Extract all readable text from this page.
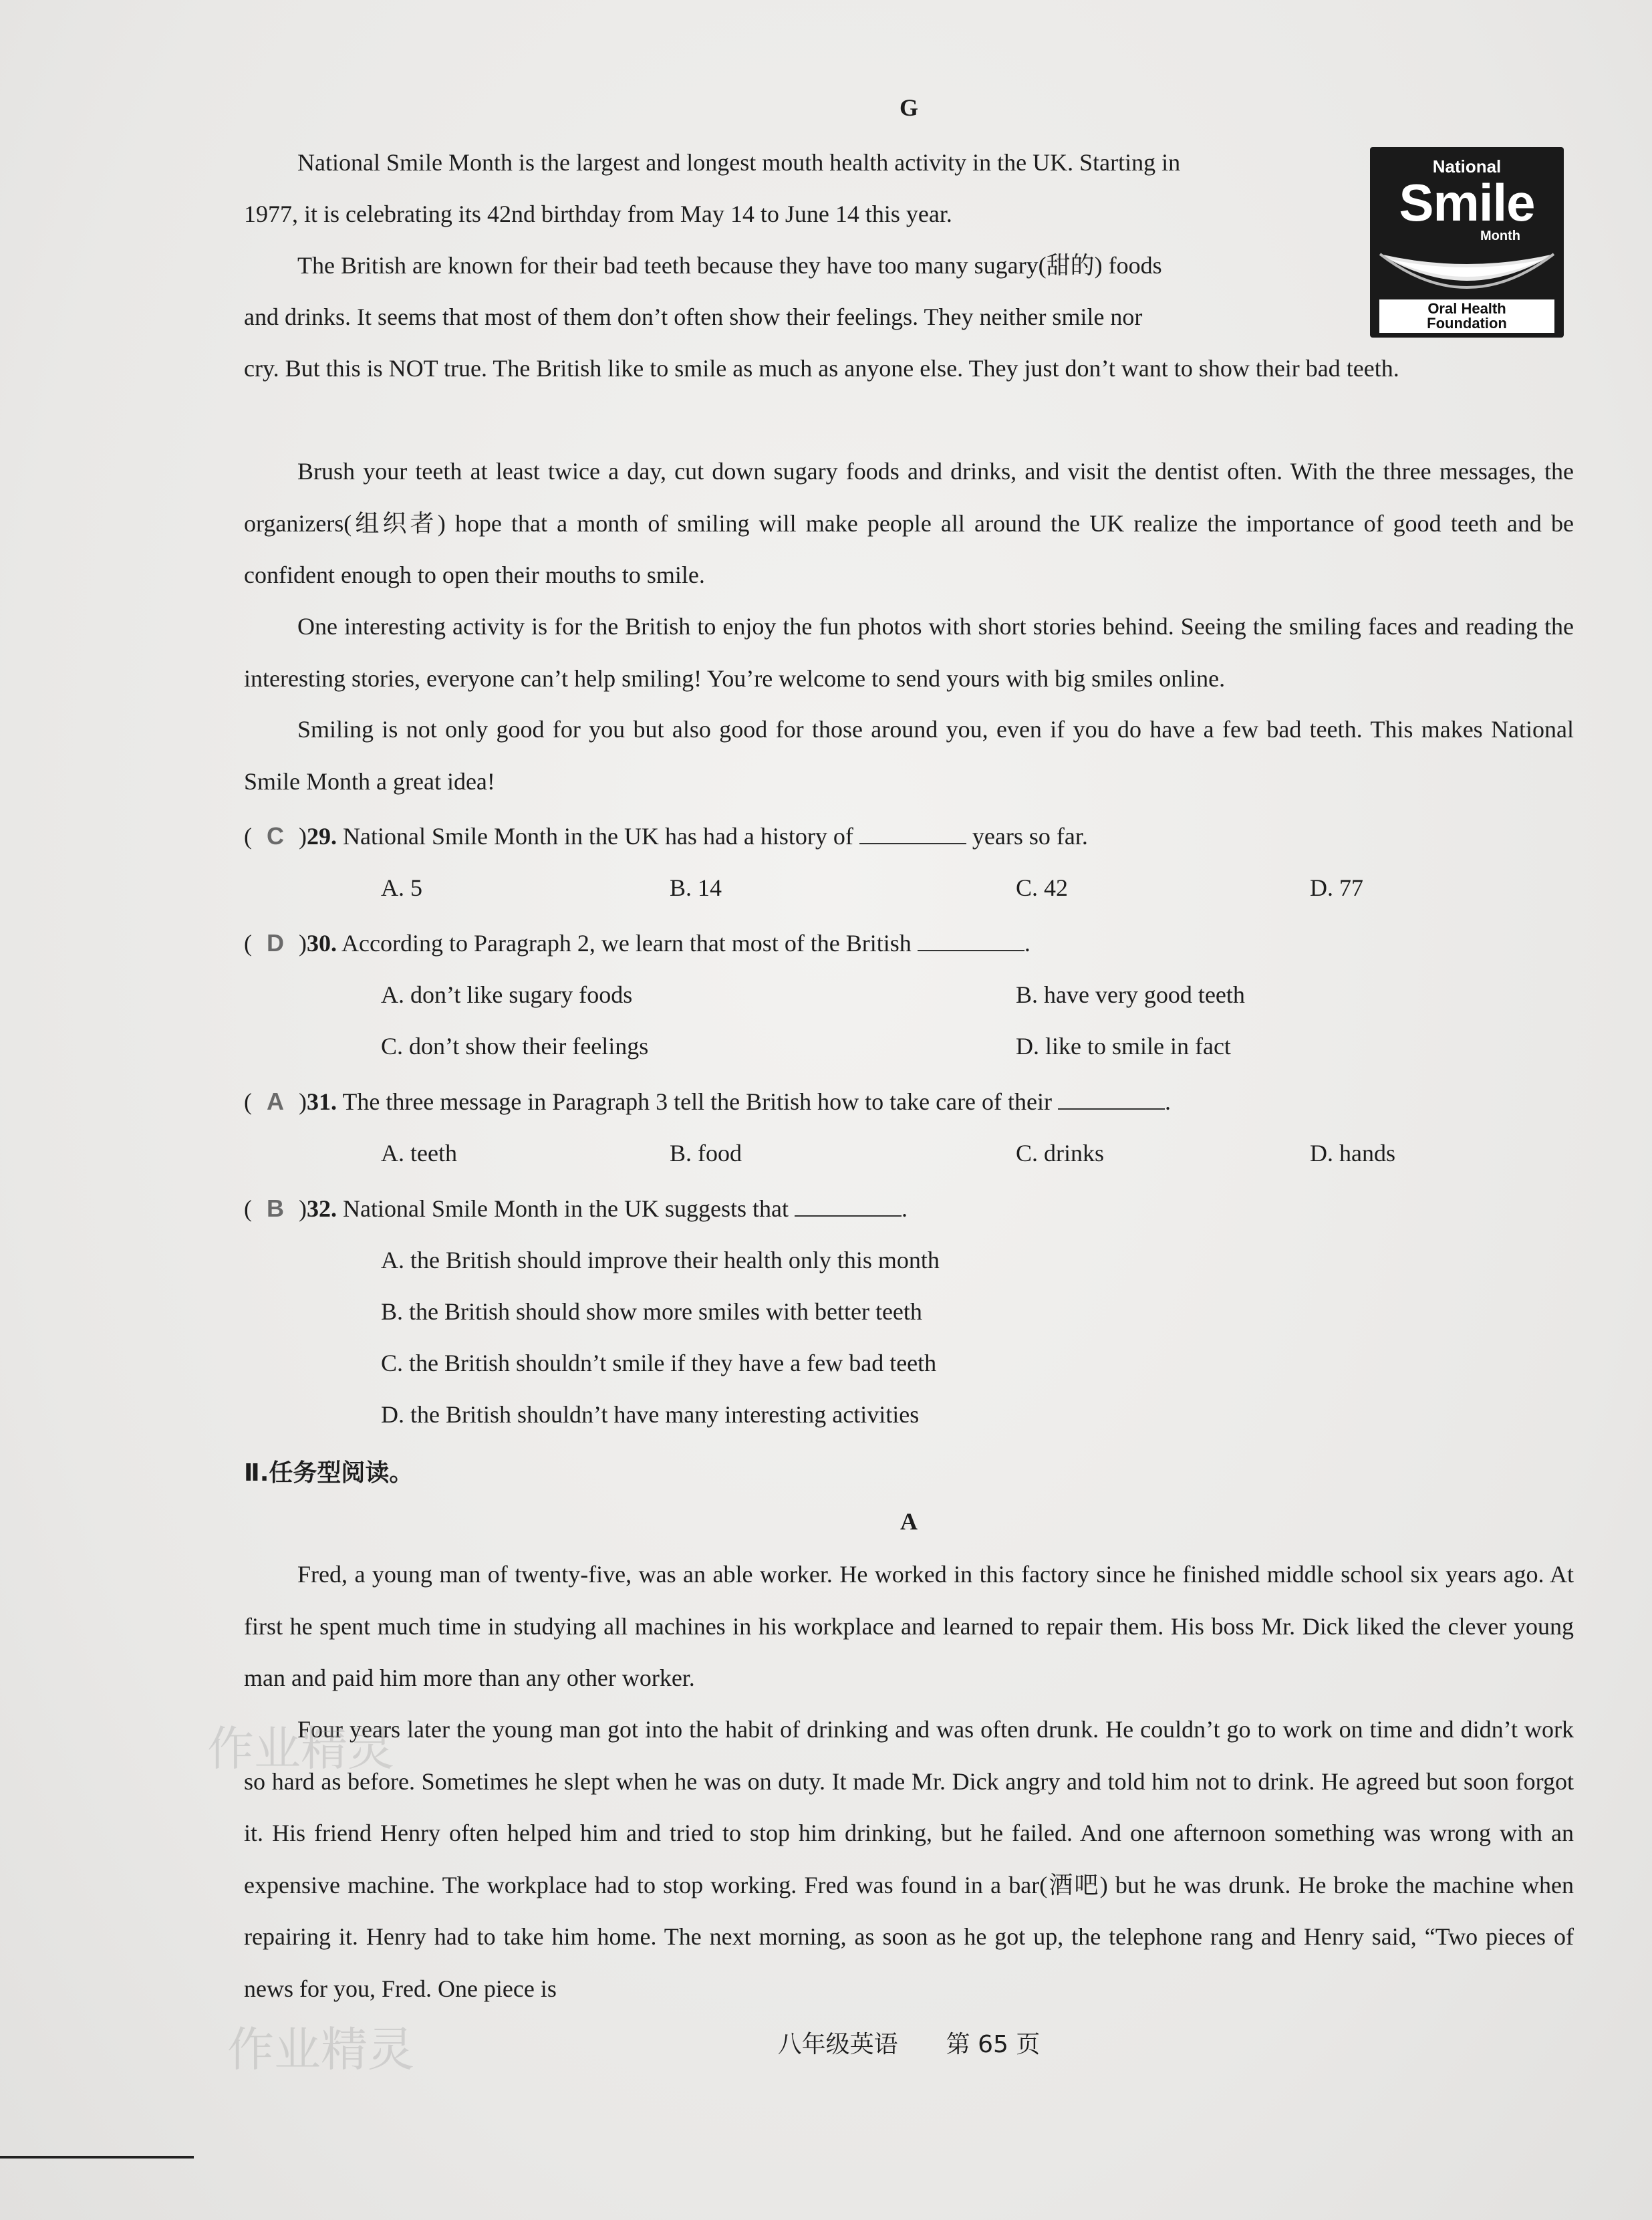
National
Smile
Month
Oral Health
Foundation
G
National Smile Month is the largest and longest mouth health activity in the UK. Starting in
1977, it is celebrating its 42nd birthday from May 14 to June 14 this year.
The British are known for their bad teeth because they have too many sugary(甜的) foods
and drinks. It seems that most of them don’t often show their feelings. They neither smile nor

cry. But this is NOT true. The British like to smile as much as anyone else. They just don’t want to show their bad teeth.

Brush your teeth at least twice a day, cut down sugary foods and drinks, and visit the dentist often. With the three messages, the organizers(组织者) hope that a month of smiling will make people all around the UK realize the importance of good teeth and be confident enough to open their mouths to smile.

One interesting activity is for the British to enjoy the fun photos with short stories behind. Seeing the smiling faces and reading the interesting stories, everyone can’t help smiling! You’re welcome to send yours with big smiles online.

Smiling is not only good for you but also good for those around you, even if you do have a few bad teeth. This makes National Smile Month a great idea!

( C )29. National Smile Month in the UK has had a history of	years so far.
A. 5	B. 14	C. 42	D. 77
( D )30. According to Paragraph 2, we learn that most of the British	.
A. don’t like sugary foods	B. have very good teeth
C. don’t show their feelings	D. like to smile in fact
( A )31. The three message in Paragraph 3 tell the British how to take care of their	.
A. teeth	B. food	C. drinks	D. hands
( B )32. National Smile Month in the UK suggests that	.
A. the British should improve their health only this month
B. the British should show more smiles with better teeth
C. the British shouldn’t smile if they have a few bad teeth
D. the British shouldn’t have many interesting activities
Ⅱ.任务型阅读。
A

Fred, a young man of twenty-five, was an able worker. He worked in this factory since he finished middle school six years ago. At first he spent much time in studying all machines in his workplace and learned to repair them. His boss Mr. Dick liked the clever young man and paid him more than any other worker.

Four years later the young man got into the habit of drinking and was often drunk. He couldn’t go to work on time and didn’t work so hard as before. Sometimes he slept when he was on duty. It made Mr. Dick angry and told him not to drink. He agreed but soon forgot it. His friend Henry often helped him and tried to stop him drinking, but he failed. And one afternoon something was wrong with an expensive machine. The workplace had to stop working. Fred was found in a bar(酒吧) but he was drunk. He broke the machine when repairing it. Henry had to take him home. The next morning, as soon as he got up, the telephone rang and Henry said, “Two pieces of news for you, Fred. One piece is

八年级英语　　第 65 页
作业精灵
作业精灵
